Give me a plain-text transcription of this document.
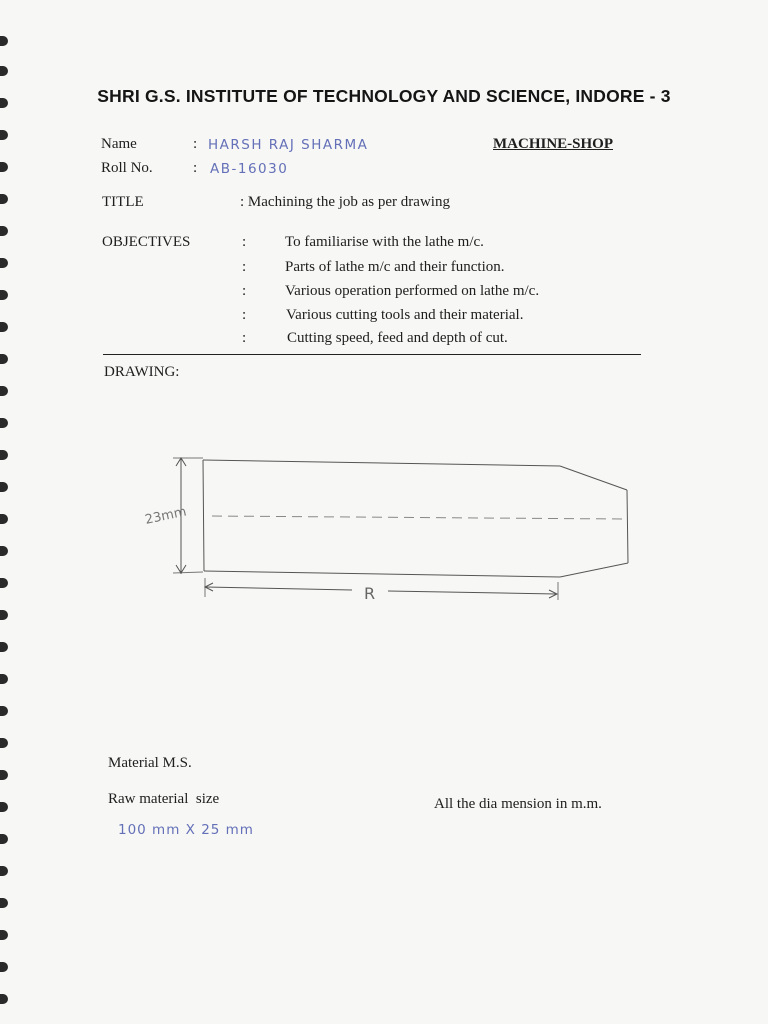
SHRI G.S. INSTITUTE OF TECHNOLOGY AND SCIENCE, INDORE - 3
Name	: HARSH RAJ SHARMA	MACHINE-SHOP
Roll No.	: AB-16030
TITLE	: Machining the job as per drawing
OBJECTIVES	:	To familiarise with the lathe m/c.
:	Parts of lathe m/c and their function.
:	Various operation performed on lathe m/c.
:	Various cutting tools and their material.
:	Cutting speed, feed and depth of cut.
DRAWING:
23mm
R
Material M.S.
Raw material  size	All the dia mension in m.m.
100 mm X 25 mm
